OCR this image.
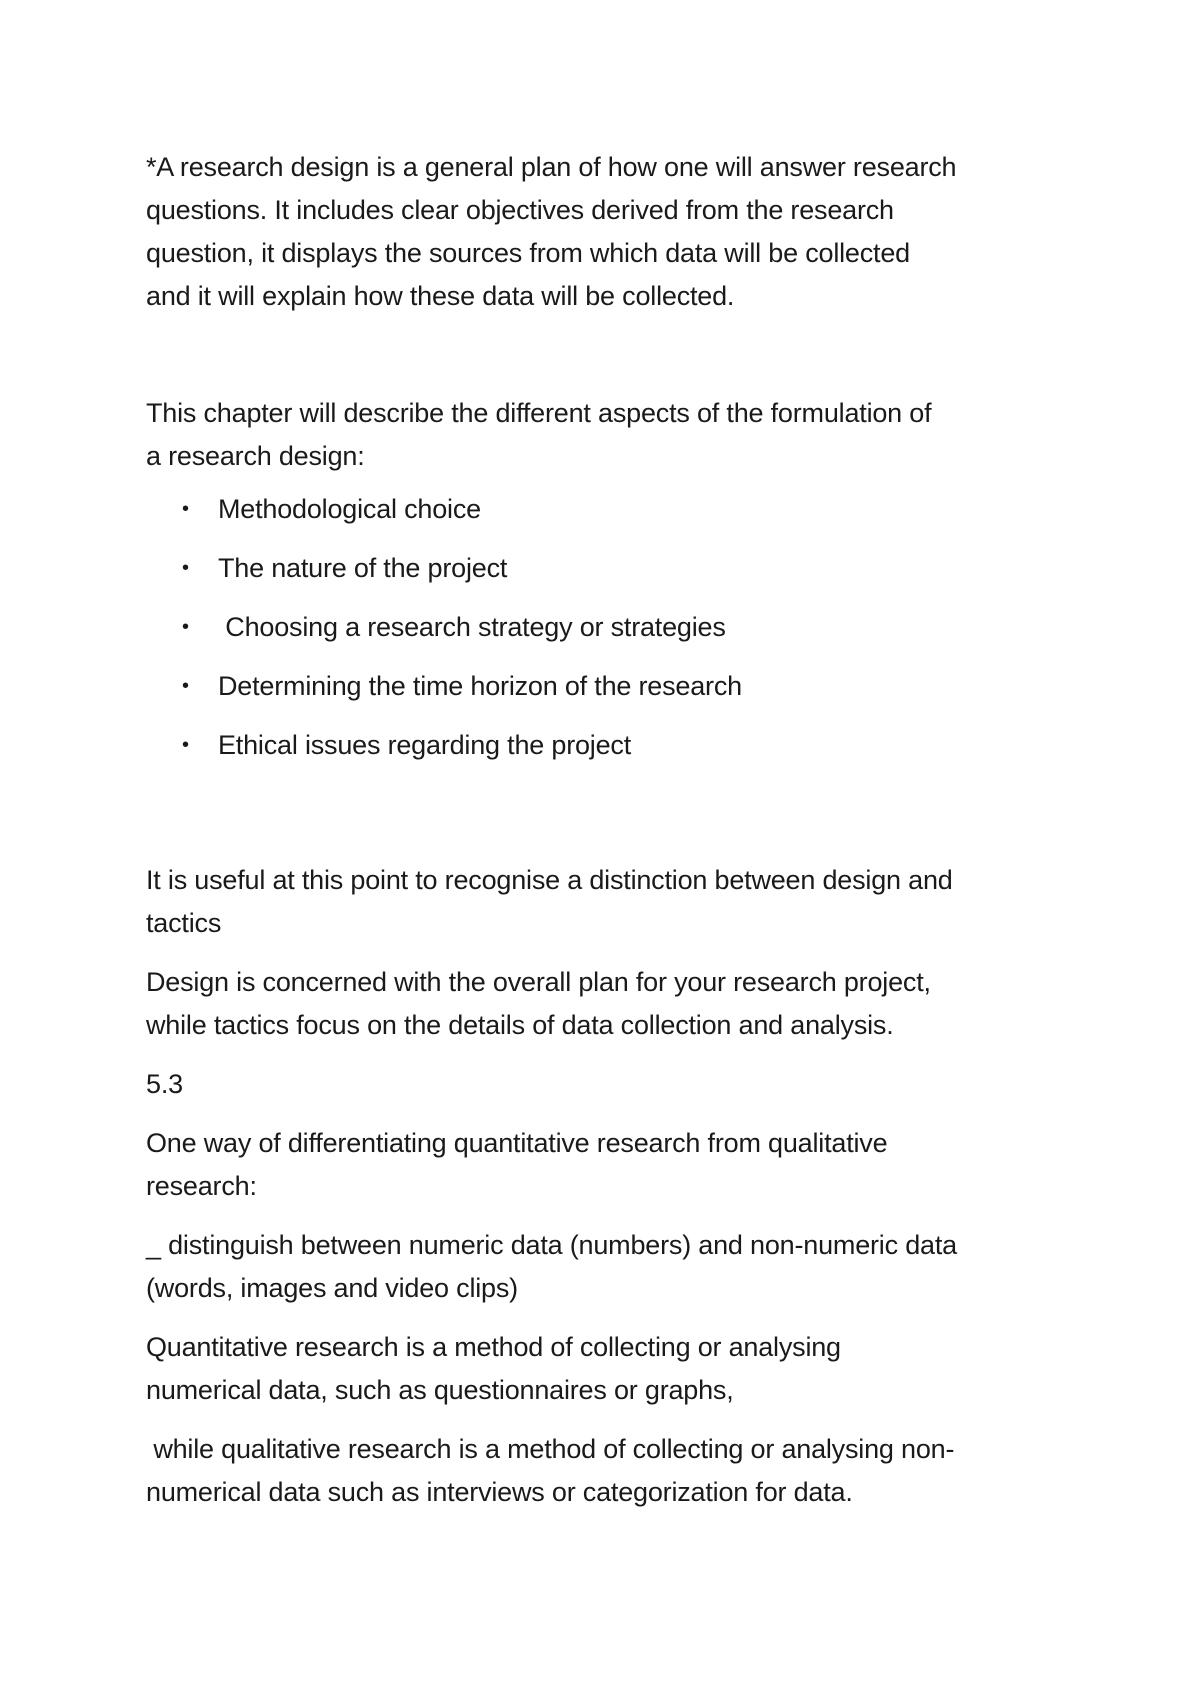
*A research design is a general plan of how one will answer research
questions. It includes clear objectives derived from the research
question, it displays the sources from which data will be collected
and it will explain how these data will be collected.

This chapter will describe the different aspects of the formulation of
a research design:

• Methodological choice
• The nature of the project
• Choosing a research strategy or strategies
• Determining the time horizon of the research
• Ethical issues regarding the project

It is useful at this point to recognise a distinction between design and
tactics

Design is concerned with the overall plan for your research project,
while tactics focus on the details of data collection and analysis.

5.3

One way of differentiating quantitative research from qualitative
research:

_ distinguish between numeric data (numbers) and non-numeric data
(words, images and video clips)

Quantitative research is a method of collecting or analysing
numerical data, such as questionnaires or graphs,

while qualitative research is a method of collecting or analysing non-
numerical data such as interviews or categorization for data.
